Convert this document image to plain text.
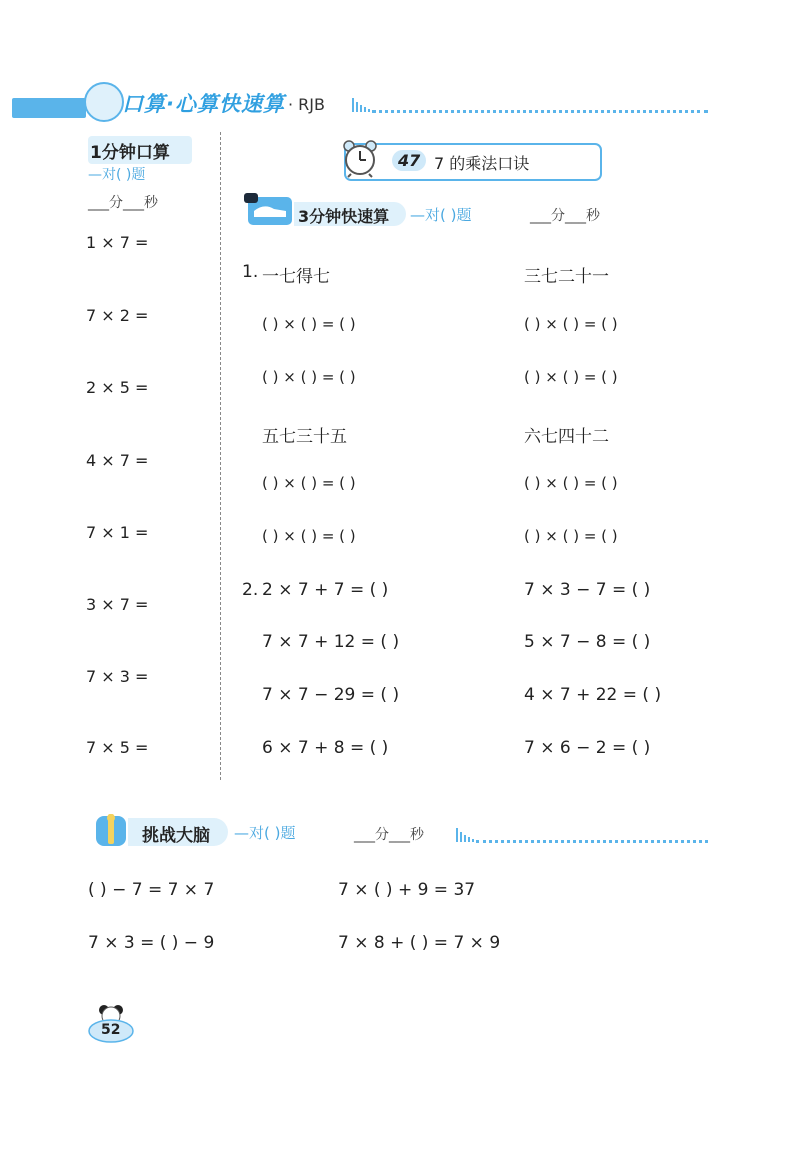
口算·心算快速算 · RJB
1分钟口算
—对( )题
___分___秒
1 × 7 =
7 × 2 =
2 × 5 =
4 × 7 =
7 × 1 =
3 × 7 =
7 × 3 =
7 × 5 =
47 7 的乘法口诀
3分钟快速算 —对( )题	___分___秒
1. 一七得七	三七二十一
( ) × ( ) = ( )	( ) × ( ) = ( )
( ) × ( ) = ( )	( ) × ( ) = ( )
五七三十五	六七四十二
( ) × ( ) = ( )	( ) × ( ) = ( )
( ) × ( ) = ( )	( ) × ( ) = ( )
2. 2 × 7 + 7 = ( )	7 × 3 − 7 = ( )
7 × 7 + 12 = ( )	5 × 7 − 8 = ( )
7 × 7 − 29 = ( )	4 × 7 + 22 = ( )
6 × 7 + 8 = ( )	7 × 6 − 2 = ( )
挑战大脑 —对( )题	___分___秒
( ) − 7 = 7 × 7	7 × ( ) + 9 = 37
7 × 3 = ( ) − 9	7 × 8 + ( ) = 7 × 9
52
